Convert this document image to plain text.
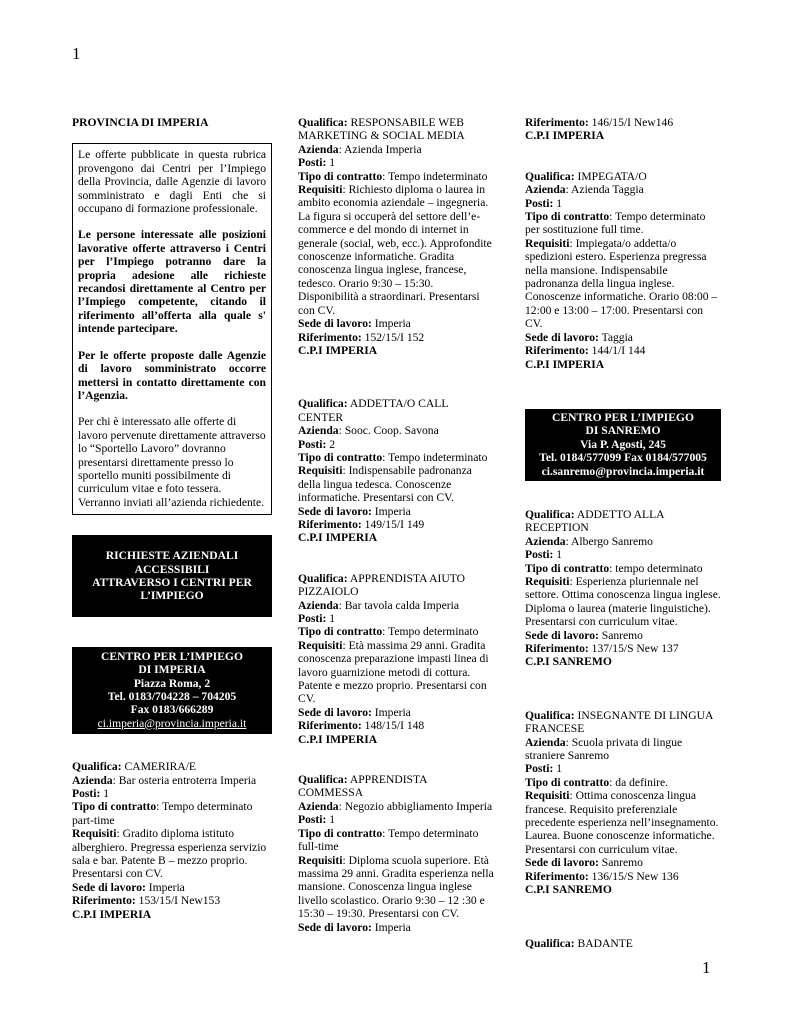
1
PROVINCIA DI IMPERIA

Le offerte pubblicate in questa rubrica provengono dai Centri per l’Impiego della Provincia, dalle Agenzie di lavoro somministrato e dagli Enti che si occupano di formazione professionale.

Le persone interessate alle posizioni lavorative offerte attraverso i Centri per l’Impiego potranno dare la propria adesione alle richieste recandosi direttamente al Centro per l’Impiego competente, citando il riferimento all’offerta alla quale s' intende partecipare.

Per le offerte proposte dalle Agenzie di lavoro somministrato occorre mettersi in contatto direttamente con l’Agenzia.

Per chi è interessato alle offerte di lavoro pervenute direttamente attraverso lo “Sportello Lavoro” dovranno presentarsi direttamente presso lo sportello muniti possibilmente di curriculum vitae e foto tessera. Verranno inviati all’azienda richiedente.

RICHIESTE AZIENDALI
ACCESSIBILI
ATTRAVERSO I CENTRI PER
L’IMPIEGO
CENTRO PER L’IMPIEGO
DI IMPERIA
Piazza Roma, 2
Tel. 0183/704228 – 704205
Fax 0183/666289
ci.imperia@provincia.imperia.it
Qualifica: CAMERIRA/E
Azienda: Bar osteria entroterra Imperia
Posti: 1
Tipo di contratto: Tempo determinato part-time
Requisiti: Gradito diploma istituto alberghiero. Pregressa esperienza servizio sala e bar. Patente B – mezzo proprio. Presentarsi con CV.
Sede di lavoro: Imperia
Riferimento: 153/15/I New153
C.P.I IMPERIA
Qualifica: RESPONSABILE WEB MARKETING & SOCIAL MEDIA
Azienda: Azienda Imperia
Posti: 1
Tipo di contratto: Tempo indeterminato
Requisiti: Richiesto diploma o laurea in ambito economia aziendale – ingegneria. La figura si occuperà del settore dell’e-commerce e del mondo di internet in generale (social, web, ecc.). Approfondite conoscenze informatiche. Gradita conoscenza lingua inglese, francese, tedesco. Orario 9:30 – 15:30. Disponibilità a straordinari. Presentarsi con CV.
Sede di lavoro: Imperia
Riferimento: 152/15/I 152
C.P.I IMPERIA
Qualifica: ADDETTA/O CALL CENTER
Azienda: Sooc. Coop. Savona
Posti: 2
Tipo di contratto: Tempo indeterminato
Requisiti: Indispensabile padronanza della lingua tedesca. Conoscenze informatiche. Presentarsi con CV.
Sede di lavoro: Imperia
Riferimento: 149/15/I 149
C.P.I IMPERIA
Qualifica: APPRENDISTA AIUTO PIZZAIOLO
Azienda: Bar tavola calda Imperia
Posti: 1
Tipo di contratto: Tempo determinato
Requisiti: Età massima 29 anni. Gradita conoscenza preparazione impasti linea di lavoro guarnizione metodi di cottura. Patente e mezzo proprio. Presentarsi con CV.
Sede di lavoro: Imperia
Riferimento: 148/15/I 148
C.P.I IMPERIA
Qualifica: APPRENDISTA COMMESSA
Azienda: Negozio abbigliamento Imperia
Posti: 1
Tipo di contratto: Tempo determinato full-time
Requisiti: Diploma scuola superiore. Età massima 29 anni. Gradita esperienza nella mansione. Conoscenza lingua inglese livello scolastico. Orario 9:30 – 12 :30 e 15:30 – 19:30. Presentarsi con CV.
Sede di lavoro: Imperia
Riferimento: 146/15/I New146
C.P.I IMPERIA
Qualifica: IMPEGATA/O
Azienda: Azienda Taggia
Posti: 1
Tipo di contratto: Tempo determinato per sostituzione full time.
Requisiti: Impiegata/o addetta/o spedizioni estero. Esperienza pregressa nella mansione. Indispensabile padronanza della lingua inglese. Conoscenze informatiche. Orario 08:00 – 12:00 e 13:00 – 17:00. Presentarsi con CV.
Sede di lavoro: Taggia
Riferimento: 144/1/I 144
C.P.I IMPERIA
CENTRO PER L’IMPIEGO
DI SANREMO
Via P. Agosti, 245
Tel. 0184/577099 Fax 0184/577005
ci.sanremo@provincia.imperia.it
Qualifica: ADDETTO ALLA RECEPTION
Azienda: Albergo Sanremo
Posti: 1
Tipo di contratto: tempo determinato
Requisiti: Esperienza pluriennale nel settore. Ottima conoscenza lingua inglese. Diploma o laurea (materie linguistiche). Presentarsi con curriculum vitae.
Sede di lavoro: Sanremo
Riferimento: 137/15/S New 137
C.P.I SANREMO
Qualifica: INSEGNANTE DI LINGUA FRANCESE
Azienda: Scuola privata di lingue straniere Sanremo
Posti: 1
Tipo di contratto: da definire.
Requisiti: Ottima conoscenza lingua francese. Requisito preferenziale precedente esperienza nell’insegnamento. Laurea. Buone conoscenze informatiche. Presentarsi con curriculum vitae.
Sede di lavoro: Sanremo
Riferimento: 136/15/S New 136
C.P.I SANREMO
Qualifica: BADANTE
1
